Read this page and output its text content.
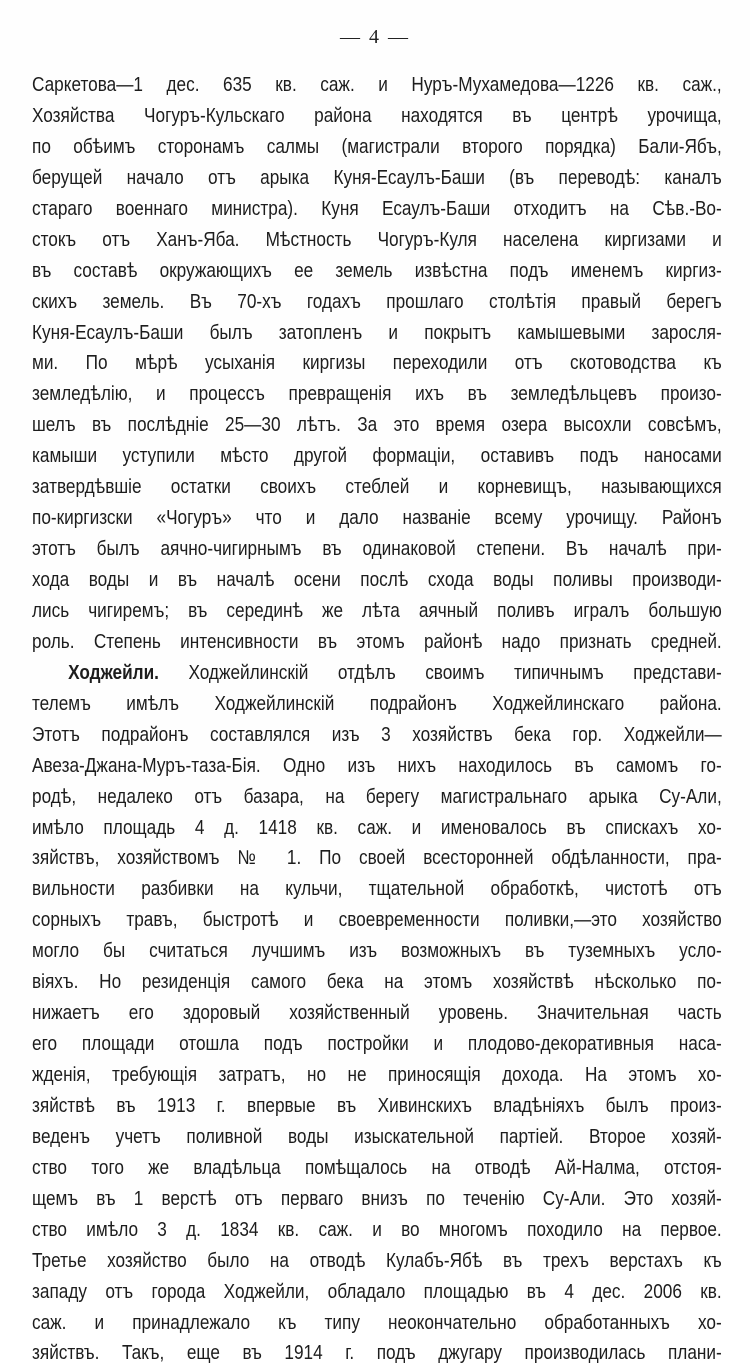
— 4 —
Саркетова—1 дес. 635 кв. саж. и Нуръ-Мухамедова—1226 кв. саж.,
Хозяйства Чогуръ-Кульскаго района находятся въ центрѣ урочища,
по обѣимъ сторонамъ салмы (магистрали второго порядка) Бали-Ябъ,
берущей начало отъ арыка Куня-Есаулъ-Баши (въ переводѣ: каналъ
стараго военнаго министра). Куня Есаулъ-Баши отходитъ на Сѣв.-Во-
стокъ отъ Ханъ-Яба. Мѣстность Чогуръ-Куля населена киргизами и
въ составѣ окружающихъ ее земель извѣстна подъ именемъ киргиз-
скихъ земель. Въ 70-хъ годахъ прошлаго столѣтія правый берегъ
Куня-Есаулъ-Баши былъ затопленъ и покрытъ камышевыми заросля-
ми. По мѣрѣ усыханія киргизы переходили отъ скотоводства къ
земледѣлію, и процессъ превращенія ихъ въ земледѣльцевъ произо-
шелъ въ послѣдніе 25—30 лѣтъ. За это время озера высохли совсѣмъ,
камыши уступили мѣсто другой формаціи, оставивъ подъ наносами
затвердѣвшіе остатки своихъ стеблей и корневищъ, называющихся
по-киргизски «Чогуръ» что и дало названіе всему урочищу. Районъ
этотъ былъ аячно-чигирнымъ въ одинаковой степени. Въ началѣ при-
хода воды и въ началѣ осени послѣ схода воды поливы производи-
лись чигиремъ; въ серединѣ же лѣта аячный поливъ игралъ большую
роль. Степень интенсивности въ этомъ районѣ надо признать средней.
Ходжейли. Ходжейлинскій отдѣлъ своимъ типичнымъ представи-
телемъ имѣлъ Ходжейлинскій подрайонъ Ходжейлинскаго района.
Этотъ подрайонъ составлялся изъ 3 хозяйствъ бека гор. Ходжейли—
Авеза-Джана-Муръ-таза-Бія. Одно изъ нихъ находилось въ самомъ го-
родѣ, недалеко отъ базара, на берегу магистральнаго арыка Су-Али,
имѣло площадь 4 д. 1418 кв. саж. и именовалось въ спискахъ хо-
зяйствъ, хозяйствомъ № 1. По своей всесторонней обдѣланности, пра-
вильности разбивки на кульчи, тщательной обработкѣ, чистотѣ отъ
сорныхъ травъ, быстротѣ и своевременности поливки,—это хозяйство
могло бы считаться лучшимъ изъ возможныхъ въ туземныхъ усло-
віяхъ. Но резиденція самого бека на этомъ хозяйствѣ нѣсколько по-
нижаетъ его здоровый хозяйственный уровень. Значительная часть
его площади отошла подъ постройки и плодово-декоративныя наса-
жденія, требующія затратъ, но не приносящія дохода. На этомъ хо-
зяйствѣ въ 1913 г. впервые въ Хивинскихъ владѣніяхъ былъ произ-
веденъ учетъ поливной воды изыскательной партіей. Второе хозяй-
ство того же владѣльца помѣщалось на отводѣ Ай-Налма, отстоя-
щемъ въ 1 верстѣ отъ перваго внизъ по теченію Су-Али. Это хозяй-
ство имѣло 3 д. 1834 кв. саж. и во многомъ походило на первое.
Третье хозяйство было на отводѣ Кулабъ-Ябѣ въ трехъ верстахъ къ
западу отъ города Ходжейли, обладало площадью въ 4 дес. 2006 кв.
саж. и принадлежало къ типу неокончательно обработанныхъ хо-
зяйствъ. Такъ, еще въ 1914 г. подъ джугару производилась плани-
